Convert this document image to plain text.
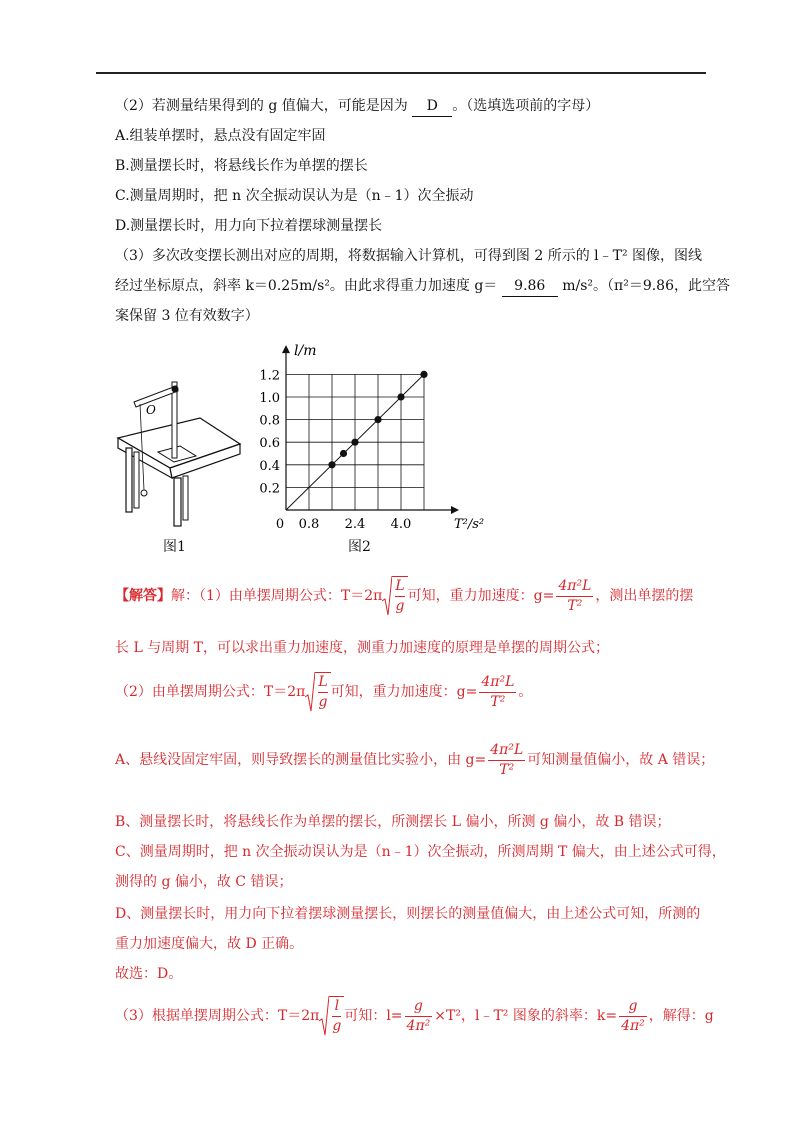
（2）若测量结果得到的 g 值偏大，可能是因为 D 。（选填选项前的字母）
A.组装单摆时，悬点没有固定牢固
B.测量摆长时，将悬线长作为单摆的摆长
C.测量周期时，把 n 次全振动误认为是（n﹣1）次全振动
D.测量摆长时，用力向下拉着摆球测量摆长
（3）多次改变摆长测出对应的周期，将数据输入计算机，可得到图 2 所示的 l﹣T² 图像，图线
经过坐标原点，斜率 k＝0.25m/s²。由此求得重力加速度 g＝ 9.86 m/s²。（π²＝9.86，此空答
案保留 3 位有效数字）
O
图1
l/m
T²/s²
1.2
1.0
0.8
0.6
0.4
0.2
0 0.8 2.4 4.0
图2
【解答】解：（1）由单摆周期公式：$T=2\pi \frac{L}{g}$ 可知，重力加速度：$g= \frac{\text{4π²L}}{\text{T²}}$ ，测出单摆的摆
长 L 与周期 T，可以求出重力加速度，测重力加速度的原理是单摆的周期公式；
（2）由单摆周期公式：$T=2\pi \frac{L}{g}$ 可知，重力加速度：$g= \frac{\text{4π²L}}{\text{T²}}$ 。
A、悬线没固定牢固，则导致摆长的测量值比实验小，由 $g= \frac{\text{4π²L}}{\text{T²}}$ 可知测量值偏小，故 A 错误；
B、测量摆长时，将悬线长作为单摆的摆长，所测摆长 L 偏小，所测 g 偏小，故 B 错误；
C、测量周期时，把 n 次全振动误认为是（n﹣1）次全振动，所测周期 T 偏大，由上述公式可得，
测得的 g 偏小，故 C 错误；
D、测量摆长时，用力向下拉着摆球测量摆长，则摆长的测量值偏大，由上述公式可知，所测的
重力加速度偏大，故 D 正确。
故选：D。
（3）根据单摆周期公式：$T=2\pi \frac{l}{g}$ 可知：$l= \frac{g}{\text{4π²}} \times T^2$，l﹣T² 图象的斜率：$k= \frac{g}{\text{4π²}}$ ，解得：g
